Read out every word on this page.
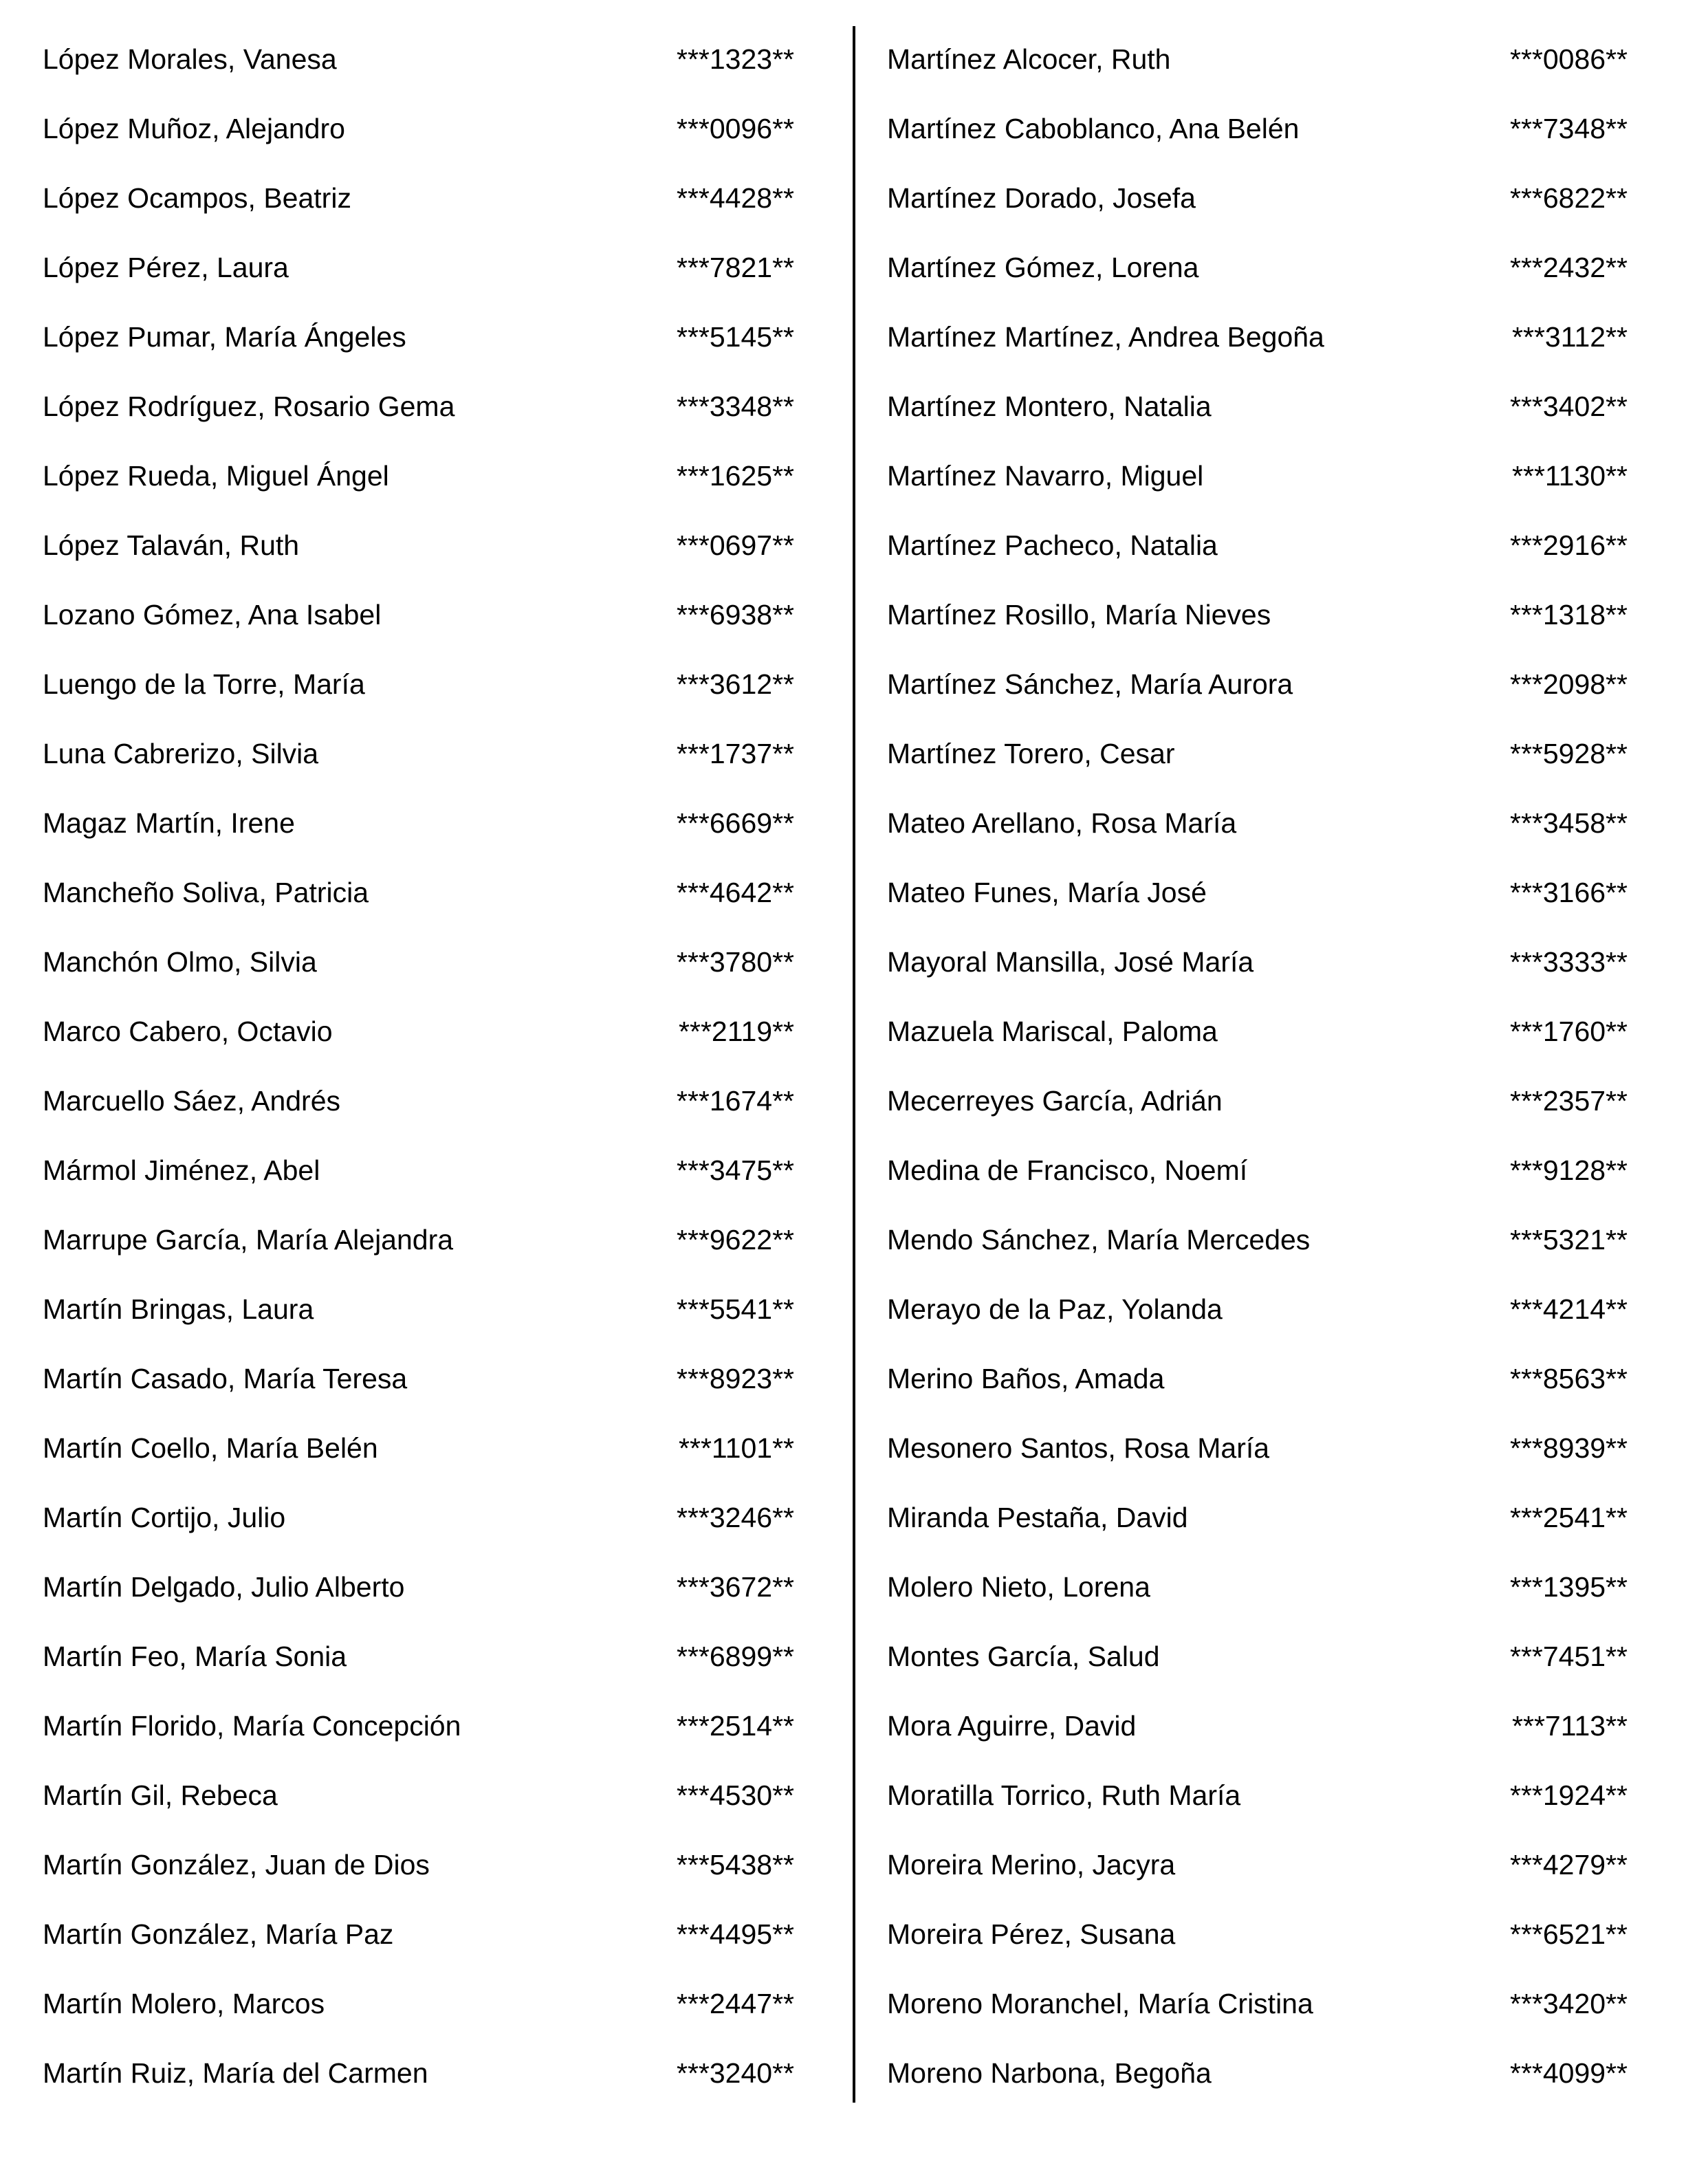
López Morales, Vanesa	***1323**
López Muñoz, Alejandro	***0096**
López Ocampos, Beatriz	***4428**
López Pérez, Laura	***7821**
López Pumar, María Ángeles	***5145**
López Rodríguez, Rosario Gema	***3348**
López Rueda, Miguel Ángel	***1625**
López Talaván, Ruth	***0697**
Lozano Gómez, Ana Isabel	***6938**
Luengo de la Torre, María	***3612**
Luna Cabrerizo, Silvia	***1737**
Magaz Martín, Irene	***6669**
Mancheño Soliva, Patricia	***4642**
Manchón Olmo, Silvia	***3780**
Marco Cabero, Octavio	***2119**
Marcuello Sáez, Andrés	***1674**
Mármol Jiménez, Abel	***3475**
Marrupe García, María Alejandra	***9622**
Martín Bringas, Laura	***5541**
Martín Casado, María Teresa	***8923**
Martín Coello, María Belén	***1101**
Martín Cortijo, Julio	***3246**
Martín Delgado, Julio Alberto	***3672**
Martín Feo, María Sonia	***6899**
Martín Florido, María Concepción	***2514**
Martín Gil, Rebeca	***4530**
Martín González, Juan de Dios	***5438**
Martín González, María Paz	***4495**
Martín Molero, Marcos	***2447**
Martín Ruiz, María del Carmen	***3240**
Martínez Alcocer, Ruth	***0086**
Martínez Caboblanco, Ana Belén	***7348**
Martínez Dorado, Josefa	***6822**
Martínez Gómez, Lorena	***2432**
Martínez Martínez, Andrea Begoña	***3112**
Martínez Montero, Natalia	***3402**
Martínez Navarro, Miguel	***1130**
Martínez Pacheco, Natalia	***2916**
Martínez Rosillo, María Nieves	***1318**
Martínez Sánchez, María Aurora	***2098**
Martínez Torero, Cesar	***5928**
Mateo Arellano, Rosa María	***3458**
Mateo Funes, María José	***3166**
Mayoral Mansilla, José María	***3333**
Mazuela Mariscal, Paloma	***1760**
Mecerreyes García, Adrián	***2357**
Medina de Francisco, Noemí	***9128**
Mendo Sánchez, María Mercedes	***5321**
Merayo de la Paz, Yolanda	***4214**
Merino Baños, Amada	***8563**
Mesonero Santos, Rosa María	***8939**
Miranda Pestaña, David	***2541**
Molero Nieto, Lorena	***1395**
Montes García, Salud	***7451**
Mora Aguirre, David	***7113**
Moratilla Torrico, Ruth María	***1924**
Moreira Merino, Jacyra	***4279**
Moreira Pérez, Susana	***6521**
Moreno Moranchel, María Cristina	***3420**
Moreno Narbona, Begoña	***4099**
